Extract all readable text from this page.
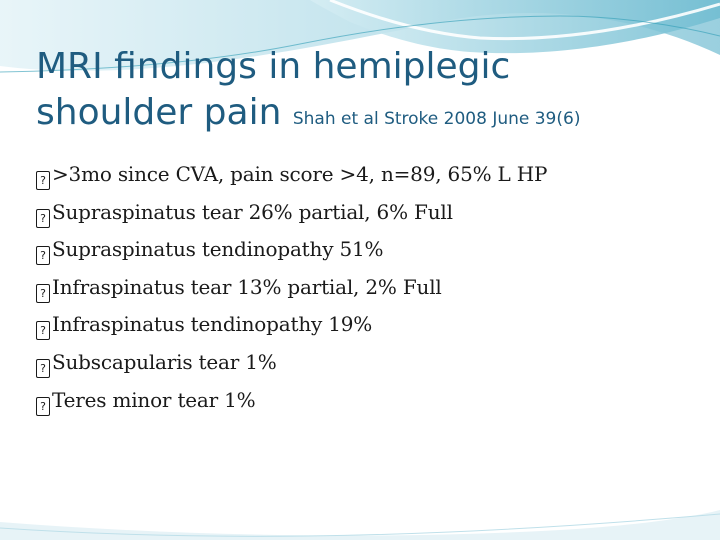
MRI findings in hemiplegic
shoulder pain Shah et al Stroke 2008 June 39(6)
? >3mo since CVA, pain score >4, n=89, 65% L HP
? Supraspinatus tear 26% partial, 6% Full
? Supraspinatus tendinopathy 51%
? Infraspinatus tear 13% partial, 2% Full
? Infraspinatus tendinopathy 19%
? Subscapularis tear 1%
? Teres minor tear 1%
